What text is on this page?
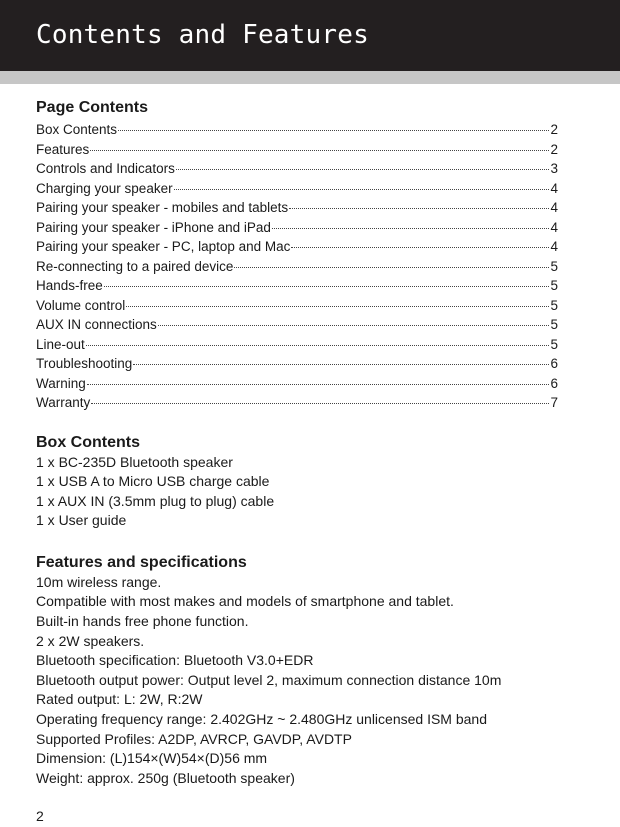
Contents and Features
Page Contents
Box Contents	2
Features	2
Controls and Indicators	3
Charging your speaker	4
Pairing your speaker - mobiles and tablets	4
Pairing your speaker - iPhone and iPad	4
Pairing your speaker - PC, laptop and Mac	4
Re-connecting to a paired device	5
Hands-free	5
Volume control	5
AUX IN connections	5
Line-out	5
Troubleshooting	6
Warning	6
Warranty	7
Box Contents
1 x BC-235D Bluetooth speaker
1 x USB A to Micro USB charge cable
1 x AUX IN (3.5mm plug to plug) cable
1 x User guide
Features and specifications
10m wireless range.
Compatible with most makes and models of smartphone and tablet.
Built-in hands free phone function.
2 x 2W speakers.
Bluetooth specification: Bluetooth V3.0+EDR
Bluetooth output power: Output level 2, maximum connection distance 10m
Rated output: L: 2W, R:2W
Operating frequency range: 2.402GHz ~ 2.480GHz unlicensed ISM band
Supported Profiles: A2DP, AVRCP, GAVDP, AVDTP
Dimension: (L)154×(W)54×(D)56 mm
Weight: approx. 250g (Bluetooth speaker)
2
